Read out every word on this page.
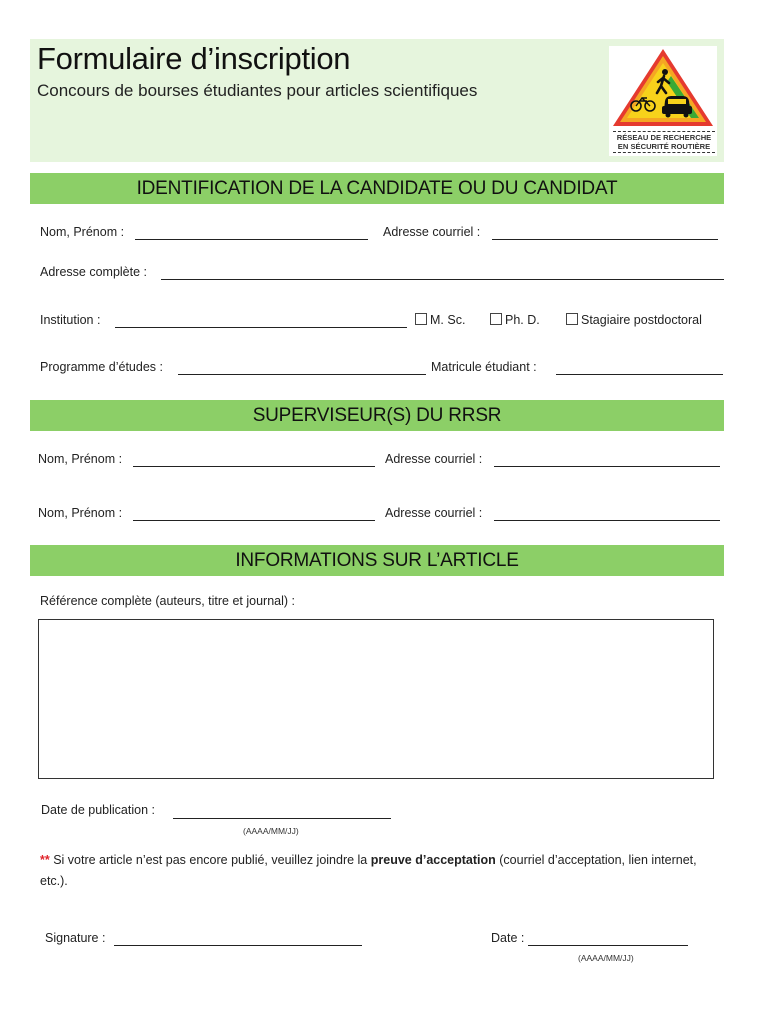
Formulaire d’inscription
Concours de bourses étudiantes pour articles scientifiques
RÉSEAU DE RECHERCHE
EN SÉCURITÉ ROUTIÈRE
IDENTIFICATION DE LA CANDIDATE OU DU CANDIDAT
Nom, Prénom :	Adresse courriel :
Adresse complète :
Institution :	M. Sc.	Ph. D.	Stagiaire postdoctoral
Programme d’études :	Matricule étudiant :
SUPERVISEUR(S) DU RRSR
Nom, Prénom :	Adresse courriel :
Nom, Prénom :	Adresse courriel :
INFORMATIONS SUR L’ARTICLE
Référence complète (auteurs, titre et journal) :
Date de publication :
(AAAA/MM/JJ)
** Si votre article n’est pas encore publié, veuillez joindre la preuve d’acceptation (courriel d’acceptation, lien internet, etc.).
Signature :	Date :
(AAAA/MM/JJ)
